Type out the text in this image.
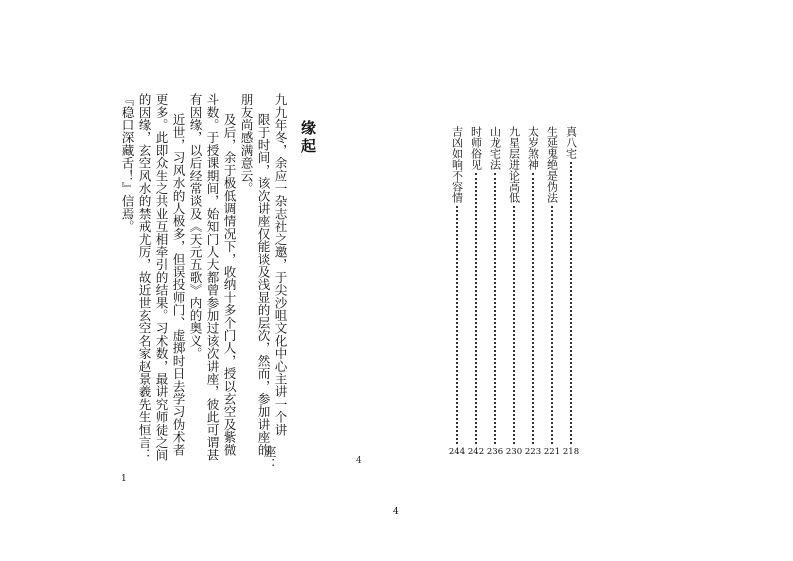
缘起
九九年冬，余应一杂志社之邀，于尖沙咀文化中心主讲一个讲
限于时间，该次讲座仅能谈及浅显的层次，然而，参加讲座的
朋友尚感满意云。
及后，余于极低调情况下，收纳十多个门人，授以玄空及紫微
斗数。于授课期间，始知门人大都曾参加过该次讲座，彼此可谓甚
有因缘，以后经常谈及《天元五歌》内的奥义。
近世，习风水的人极多，但误投师门、虚掷时日去学习伪术者
更多。此即众生之共业互相牵引的结果。习术数，最讲究师徒之间
的因缘，玄空风水的禁戒尤厉，故近世玄空名家赵景羲先生恒言：
『稳口深藏舌！』信焉。
座：
1
真八宅
218
生延鬼绝是伪法
221
太岁煞神
223
九星层进论高低
230
山龙宅法
236
时师俗见
242
吉凶如响不容情
244
4
4
